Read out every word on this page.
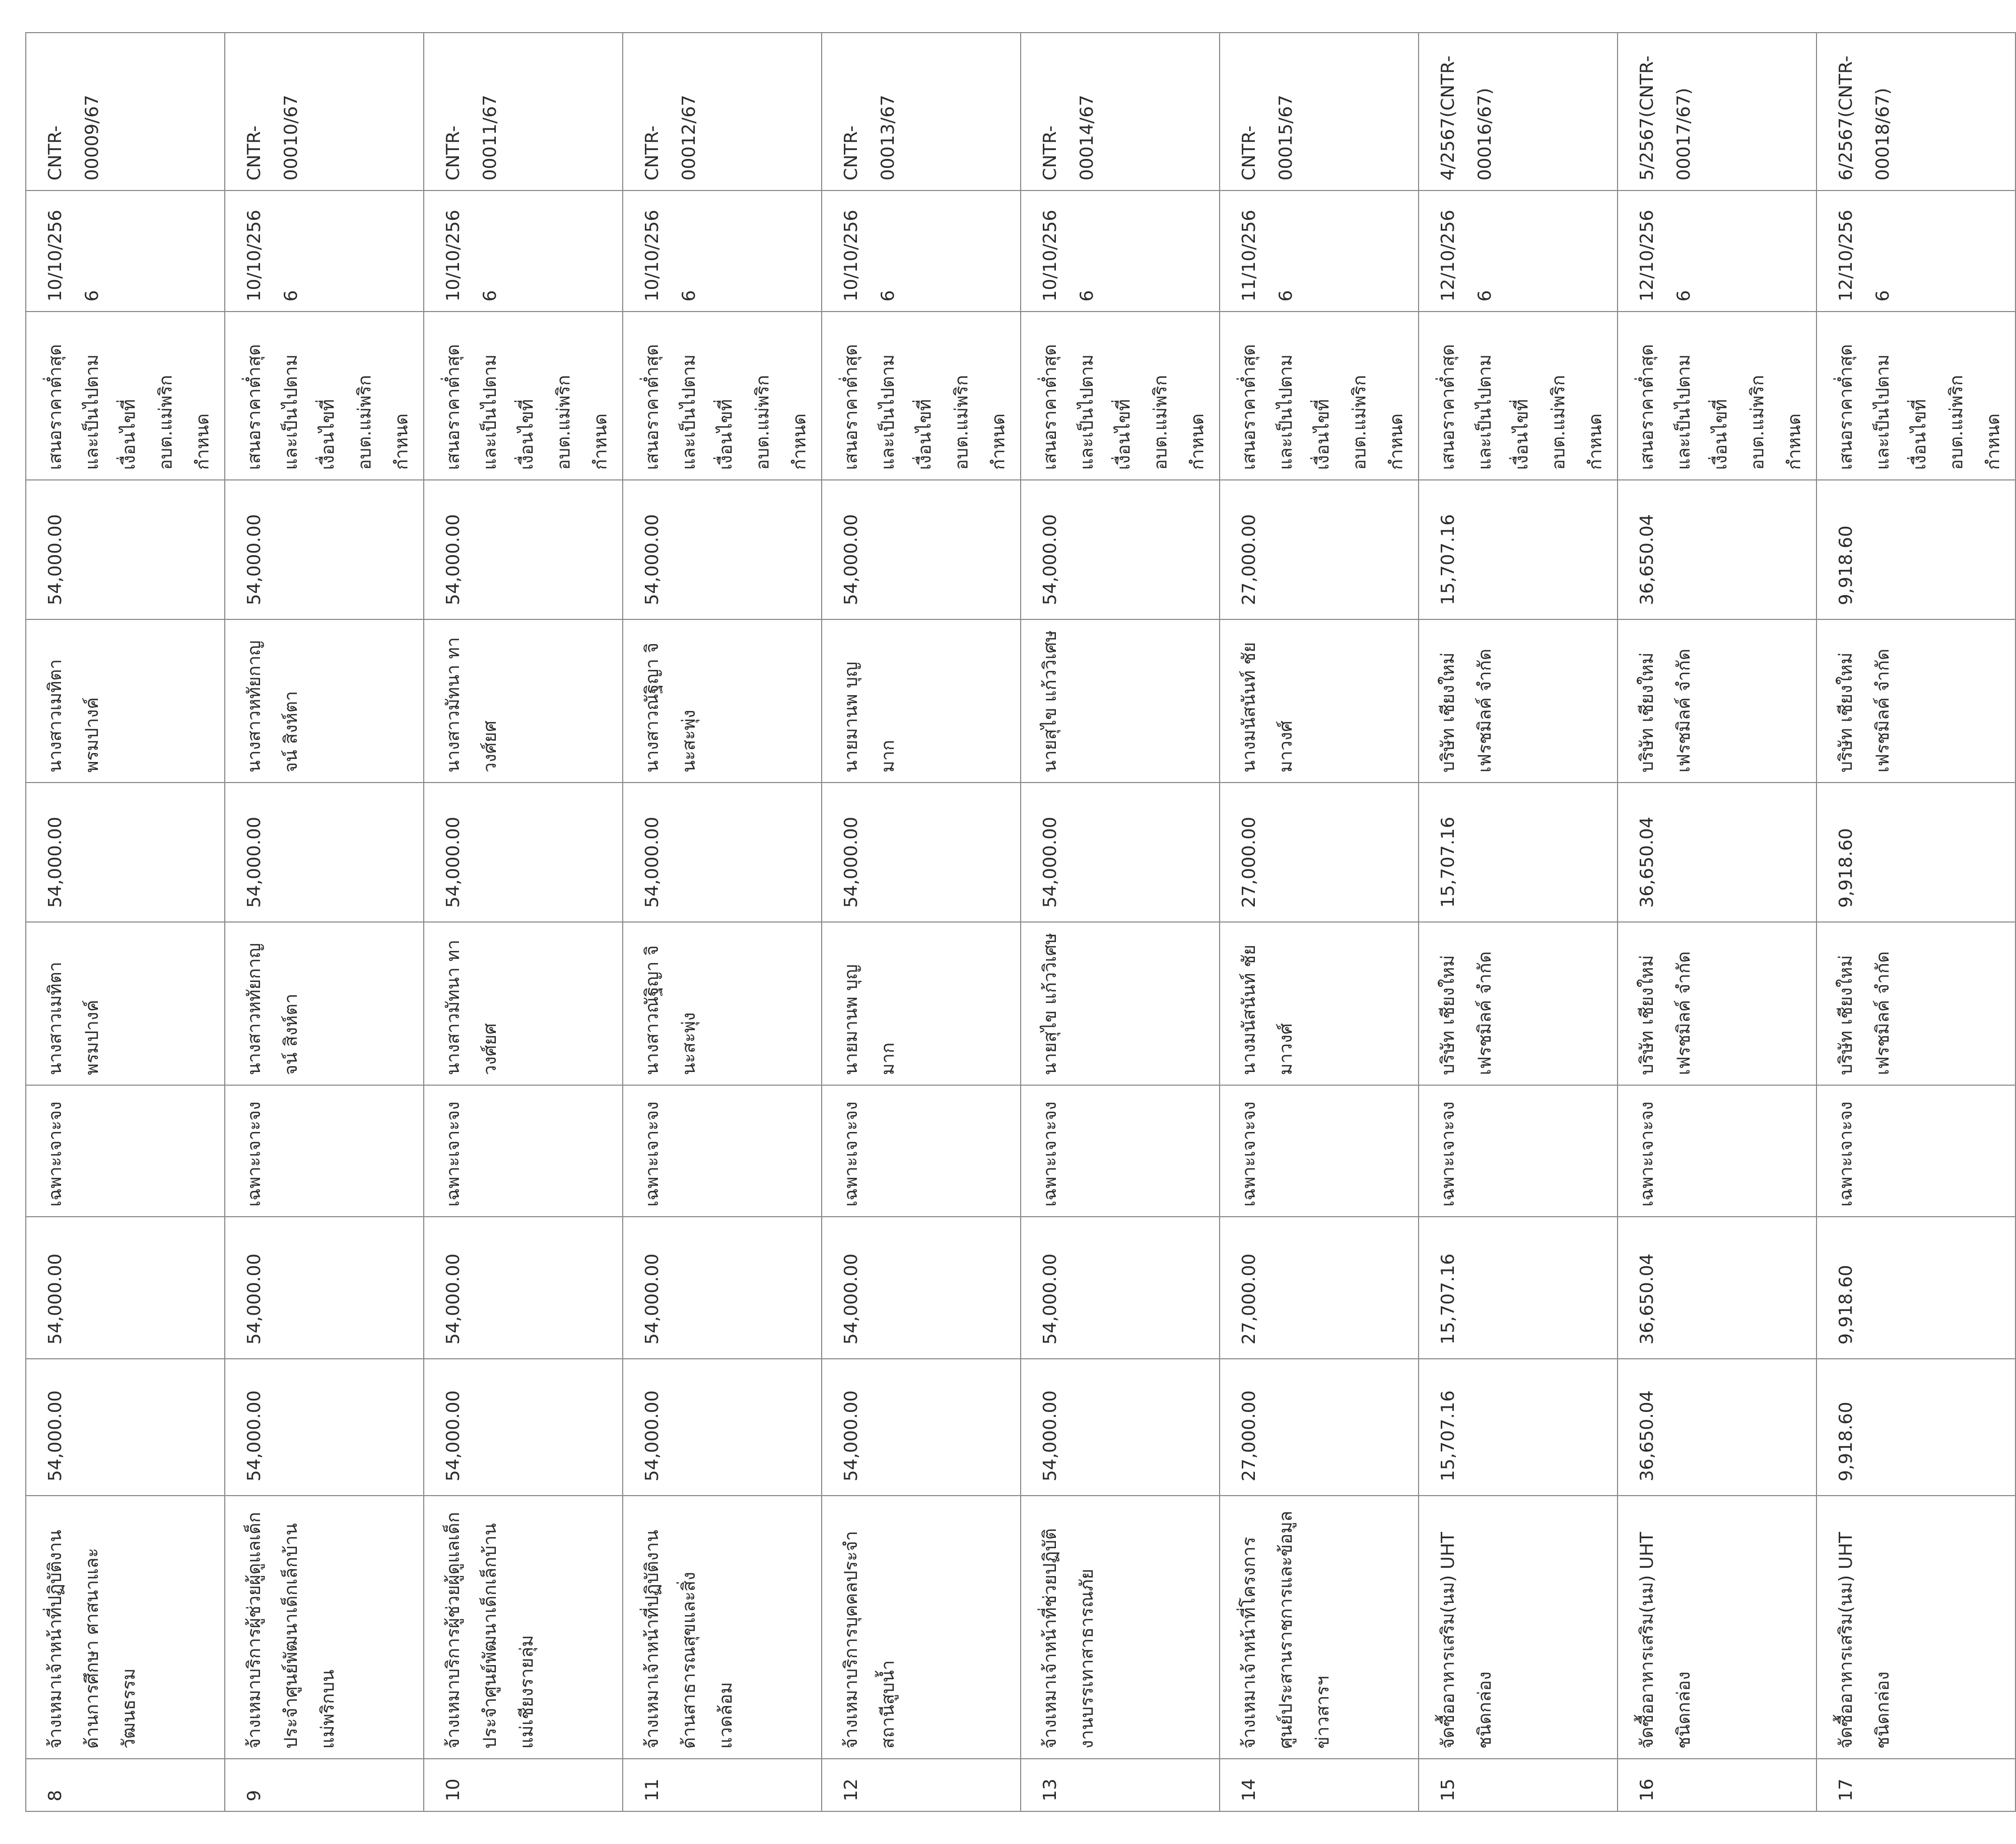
8	จ้างเหมาเจ้าหน้าที่ปฏิบัติงานด้านการศึกษา ศาสนาและวัฒนธรรม	54,000.00	54,000.00	เฉพาะเจาะจง	นางสาวเมทิตา พรมปางค์	54,000.00	นางสาวเมทิตา พรมปางค์	54,000.00	เสนอราคาต่ำสุดและเป็นไปตามเงื่อนไขที่ อบต.แม่พริกกำหนด	10/10/2566	CNTR-00009/67
9	จ้างเหมาบริการผู้ช่วยผู้ดูแลเด็กประจำศูนย์พัฒนาเด็กเล็กบ้านแม่พริกบน	54,000.00	54,000.00	เฉพาะเจาะจง	นางสาวหทัยกาญจน์ สิงห์ตา	54,000.00	นางสาวหทัยกาญจน์ สิงห์ตา	54,000.00	เสนอราคาต่ำสุดและเป็นไปตามเงื่อนไขที่ อบต.แม่พริกกำหนด	10/10/2566	CNTR-00010/67
10	จ้างเหมาบริการผู้ช่วยผู้ดูแลเด็กประจำศูนย์พัฒนาเด็กเล็กบ้านแม่เชียงรายลุ่ม	54,000.00	54,000.00	เฉพาะเจาะจง	นางสาวมัทนา ทาวงศ์ยศ	54,000.00	นางสาวมัทนา ทาวงศ์ยศ	54,000.00	เสนอราคาต่ำสุดและเป็นไปตามเงื่อนไขที่ อบต.แม่พริกกำหนด	10/10/2566	CNTR-00011/67
11	จ้างเหมาเจ้าหน้าที่ปฏิบัติงานด้านสาธารณสุขและสิ่งแวดล้อม	54,000.00	54,000.00	เฉพาะเจาะจง	นางสาวณัฐิญา จินะสะพุ่ง	54,000.00	นางสาวณัฐิญา จินะสะพุ่ง	54,000.00	เสนอราคาต่ำสุดและเป็นไปตามเงื่อนไขที่ อบต.แม่พริกกำหนด	10/10/2566	CNTR-00012/67
12	จ้างเหมาบริการบุคคลประจำสถานีสูบน้ำ	54,000.00	54,000.00	เฉพาะเจาะจง	นายมานพ บุญมาก	54,000.00	นายมานพ บุญมาก	54,000.00	เสนอราคาต่ำสุดและเป็นไปตามเงื่อนไขที่ อบต.แม่พริกกำหนด	10/10/2566	CNTR-00013/67
13	จ้างเหมาเจ้าหน้าที่ช่วยปฏิบัติงานบรรเทาสาธารณภัย	54,000.00	54,000.00	เฉพาะเจาะจง	นายสุไข แก้ววิเศษ	54,000.00	นายสุไข แก้ววิเศษ	54,000.00	เสนอราคาต่ำสุดและเป็นไปตามเงื่อนไขที่ อบต.แม่พริกกำหนด	10/10/2566	CNTR-00014/67
14	จ้างเหมาเจ้าหน้าที่โครงการศูนย์ประสานราชการและข้อมูลข่าวสารฯ	27,000.00	27,000.00	เฉพาะเจาะจง	นางมนัสนันท์ ชัยมาวงศ์	27,000.00	นางมนัสนันท์ ชัยมาวงศ์	27,000.00	เสนอราคาต่ำสุดและเป็นไปตามเงื่อนไขที่ อบต.แม่พริกกำหนด	11/10/2566	CNTR-00015/67
15	จัดซื้ออาหารเสริม(นม) UHT ชนิดกล่อง	15,707.16	15,707.16	เฉพาะเจาะจง	บริษัท เชียงใหม่เฟรชมิลค์ จำกัด	15,707.16	บริษัท เชียงใหม่เฟรชมิลค์ จำกัด	15,707.16	เสนอราคาต่ำสุดและเป็นไปตามเงื่อนไขที่ อบต.แม่พริกกำหนด	12/10/2566	4/2567(CNTR-00016/67)
16	จัดซื้ออาหารเสริม(นม) UHT ชนิดกล่อง	36,650.04	36,650.04	เฉพาะเจาะจง	บริษัท เชียงใหม่เฟรชมิลค์ จำกัด	36,650.04	บริษัท เชียงใหม่เฟรชมิลค์ จำกัด	36,650.04	เสนอราคาต่ำสุดและเป็นไปตามเงื่อนไขที่ อบต.แม่พริกกำหนด	12/10/2566	5/2567(CNTR-00017/67)
17	จัดซื้ออาหารเสริม(นม) UHT ชนิดกล่อง	9,918.60	9,918.60	เฉพาะเจาะจง	บริษัท เชียงใหม่เฟรชมิลค์ จำกัด	9,918.60	บริษัท เชียงใหม่เฟรชมิลค์ จำกัด	9,918.60	เสนอราคาต่ำสุดและเป็นไปตามเงื่อนไขที่ อบต.แม่พริกกำหนด	12/10/2566	6/2567(CNTR-00018/67)
